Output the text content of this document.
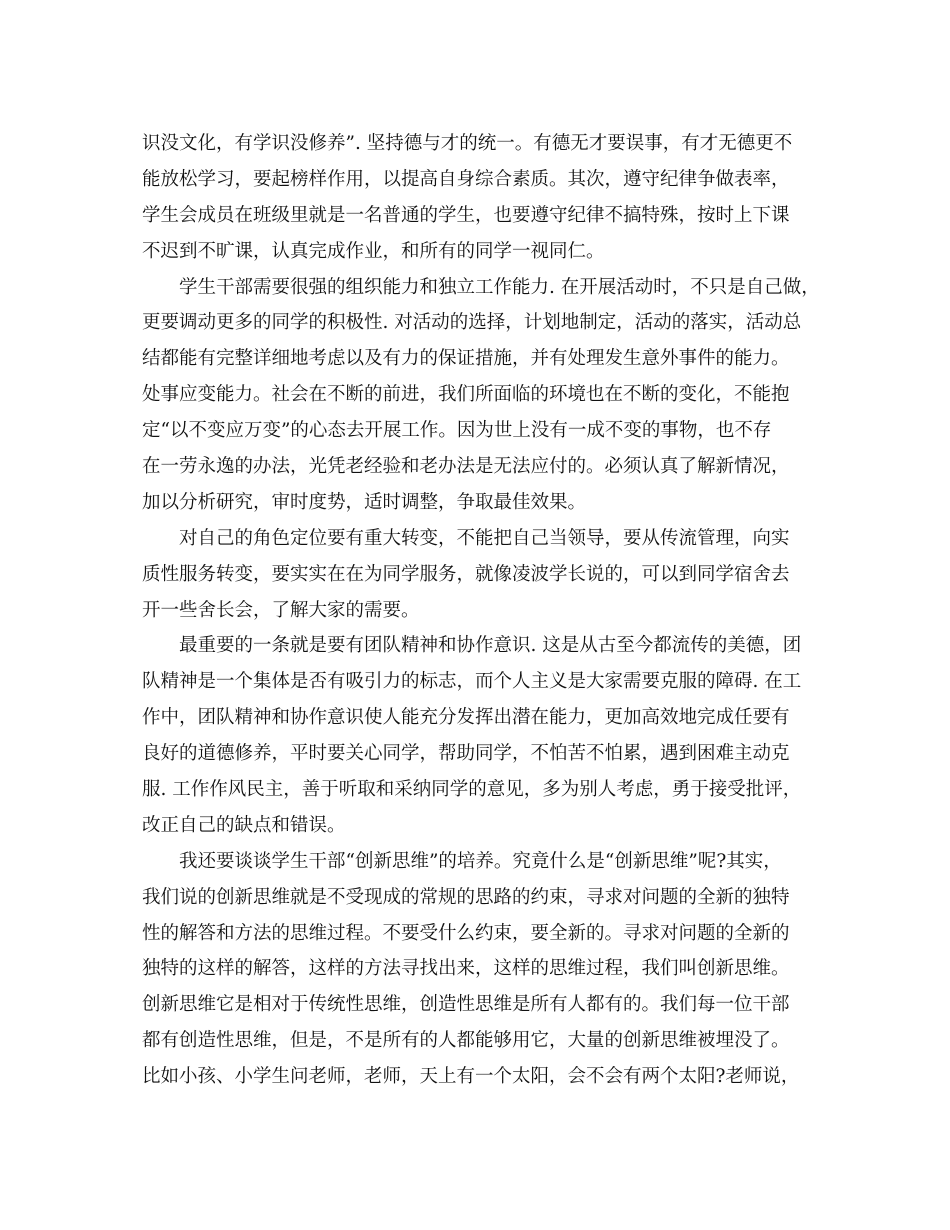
识没文化，有学识没修养”. 坚持德与才的统一。有德无才要误事，有才无德更不
能放松学习，要起榜样作用，以提高自身综合素质。其次，遵守纪律争做表率，
学生会成员在班级里就是一名普通的学生，也要遵守纪律不搞特殊，按时上下课
不迟到不旷课，认真完成作业，和所有的同学一视同仁。
学生干部需要很强的组织能力和独立工作能力. 在开展活动时，不只是自己做，
更要调动更多的同学的积极性. 对活动的选择，计划地制定，活动的落实，活动总
结都能有完整详细地考虑以及有力的保证措施，并有处理发生意外事件的能力。
处事应变能力。社会在不断的前进，我们所面临的环境也在不断的变化，不能抱
定“以不变应万变”的心态去开展工作。因为世上没有一成不变的事物，也不存
在一劳永逸的办法，光凭老经验和老办法是无法应付的。必须认真了解新情况，
加以分析研究，审时度势，适时调整，争取最佳效果。
对自己的角色定位要有重大转变，不能把自己当领导，要从传流管理，向实
质性服务转变，要实实在在为同学服务，就像凌波学长说的，可以到同学宿舍去
开一些舍长会，了解大家的需要。
最重要的一条就是要有团队精神和协作意识. 这是从古至今都流传的美德，团
队精神是一个集体是否有吸引力的标志，而个人主义是大家需要克服的障碍. 在工
作中，团队精神和协作意识使人能充分发挥出潜在能力，更加高效地完成任要有
良好的道德修养，平时要关心同学，帮助同学，不怕苦不怕累，遇到困难主动克
服. 工作作风民主，善于听取和采纳同学的意见，多为别人考虑，勇于接受批评，
改正自己的缺点和错误。
我还要谈谈学生干部“创新思维”的培养。究竟什么是“创新思维”呢?其实，
我们说的创新思维就是不受现成的常规的思路的约束，寻求对问题的全新的独特
性的解答和方法的思维过程。不要受什么约束，要全新的。寻求对问题的全新的
独特的这样的解答，这样的方法寻找出来，这样的思维过程，我们叫创新思维。
创新思维它是相对于传统性思维，创造性思维是所有人都有的。我们每一位干部
都有创造性思维，但是，不是所有的人都能够用它，大量的创新思维被埋没了。
比如小孩、小学生问老师，老师，天上有一个太阳，会不会有两个太阳?老师说，
